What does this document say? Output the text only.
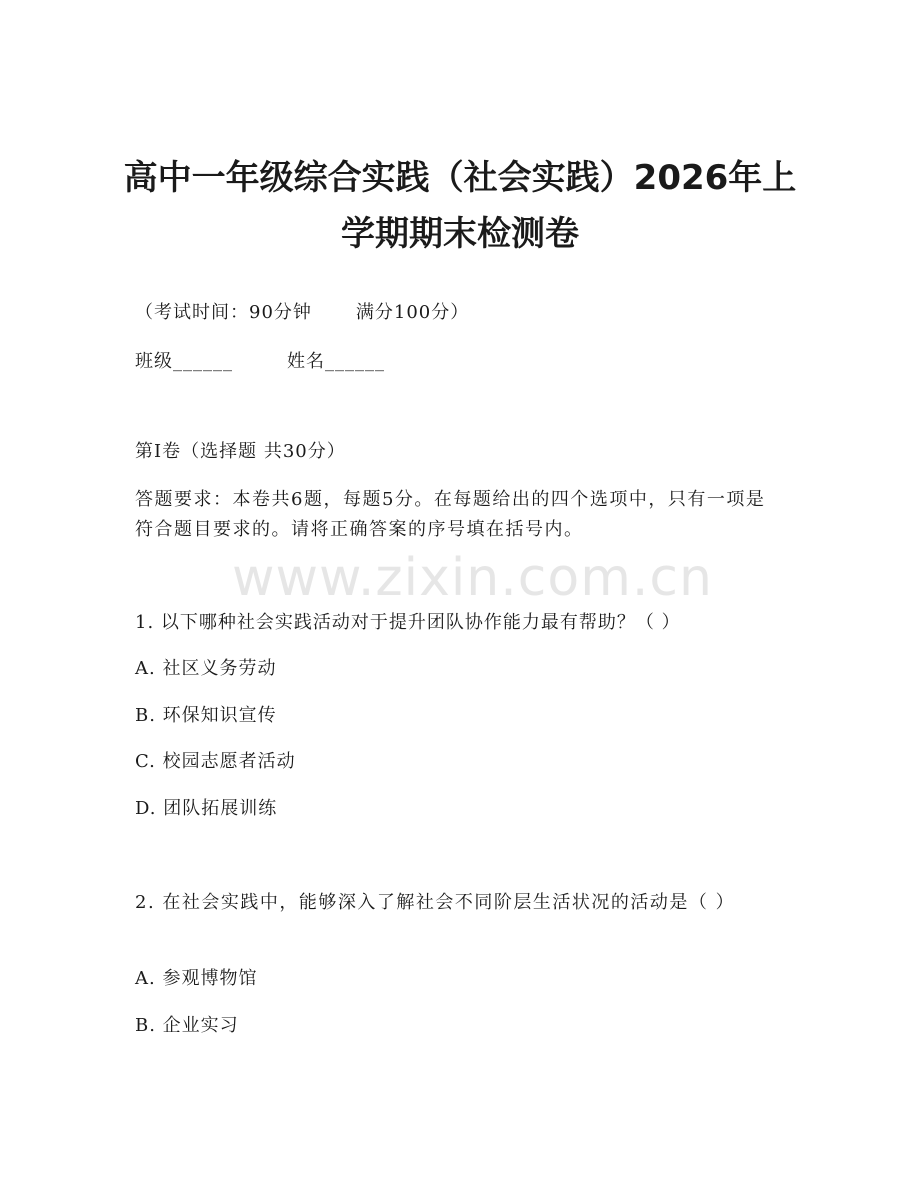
高中一年级综合实践（社会实践）2026年上
学期期末检测卷
（考试时间：90分钟 满分100分）
班级______	姓名______
第I卷（选择题 共30分）
答题要求：本卷共6题，每题5分。在每题给出的四个选项中，只有一项是符合题目要求的。请将正确答案的序号填在括号内。
www.zixin.com.cn
1. 以下哪种社会实践活动对于提升团队协作能力最有帮助？（ ）
A. 社区义务劳动
B. 环保知识宣传
C. 校园志愿者活动
D. 团队拓展训练
2. 在社会实践中，能够深入了解社会不同阶层生活状况的活动是（ ）
A. 参观博物馆
B. 企业实习
